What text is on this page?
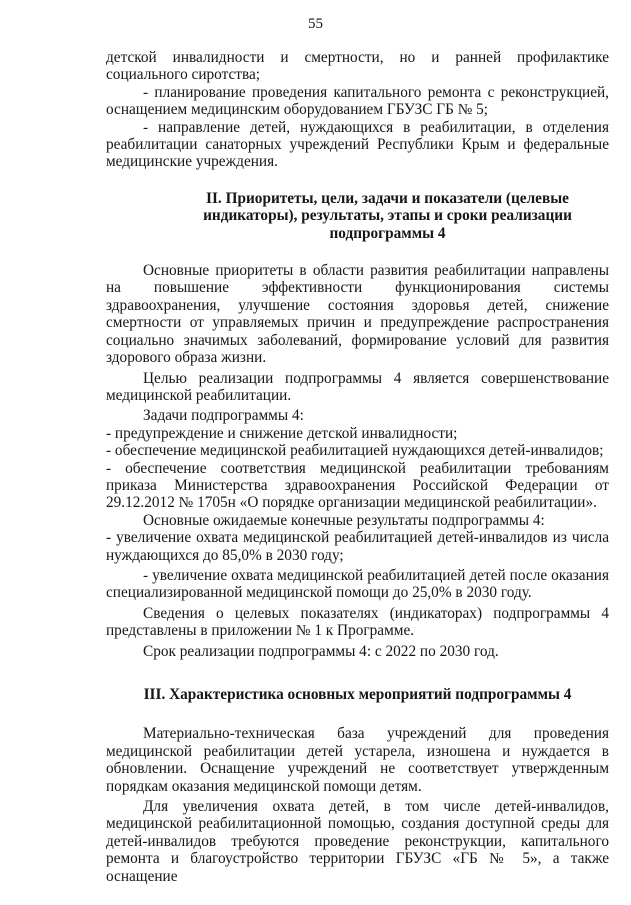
55

детской инвалидности и смертности, но и ранней профилактике социального сиротства;

- планирование проведения капитального ремонта с реконструкцией, оснащением медицинским оборудованием ГБУЗС ГБ № 5;

- направление детей, нуждающихся в реабилитации, в отделения реабилитации санаторных учреждений Республики Крым и федеральные медицинские учреждения.

II. Приоритеты, цели, задачи и показатели (целевые индикаторы), результаты, этапы и сроки реализации подпрограммы 4

Основные приоритеты в области развития реабилитации направлены на повышение эффективности функционирования системы здравоохранения, улучшение состояния здоровья детей, снижение смертности от управляемых причин и предупреждение распространения социально значимых заболеваний, формирование условий для развития здорового образа жизни.

Целью реализации подпрограммы 4 является совершенствование медицинской реабилитации.

Задачи подпрограммы 4:

- предупреждение и снижение детской инвалидности;

- обеспечение медицинской реабилитацией нуждающихся детей-инвалидов;

- обеспечение соответствия медицинской реабилитации требованиям приказа Министерства здравоохранения Российской Федерации от 29.12.2012 № 1705н «О порядке организации медицинской реабилитации».

Основные ожидаемые конечные результаты подпрограммы 4:

- увеличение охвата медицинской реабилитацией детей-инвалидов из числа нуждающихся до 85,0% в 2030 году;

- увеличение охвата медицинской реабилитацией детей после оказания специализированной медицинской помощи до 25,0% в 2030 году.

Сведения о целевых показателях (индикаторах) подпрограммы 4 представлены в приложении № 1 к Программе.

Срок реализации подпрограммы 4: с 2022 по 2030 год.

III. Характеристика основных мероприятий подпрограммы 4

Материально-техническая база учреждений для проведения медицинской реабилитации детей устарела, изношена и нуждается в обновлении. Оснащение учреждений не соответствует утвержденным порядкам оказания медицинской помощи детям.

Для увеличения охвата детей, в том числе детей-инвалидов, медицинской реабилитационной помощью, создания доступной среды для детей-инвалидов требуются проведение реконструкции, капитального ремонта и благоустройство территории ГБУЗС «ГБ № 5», а также оснащение
